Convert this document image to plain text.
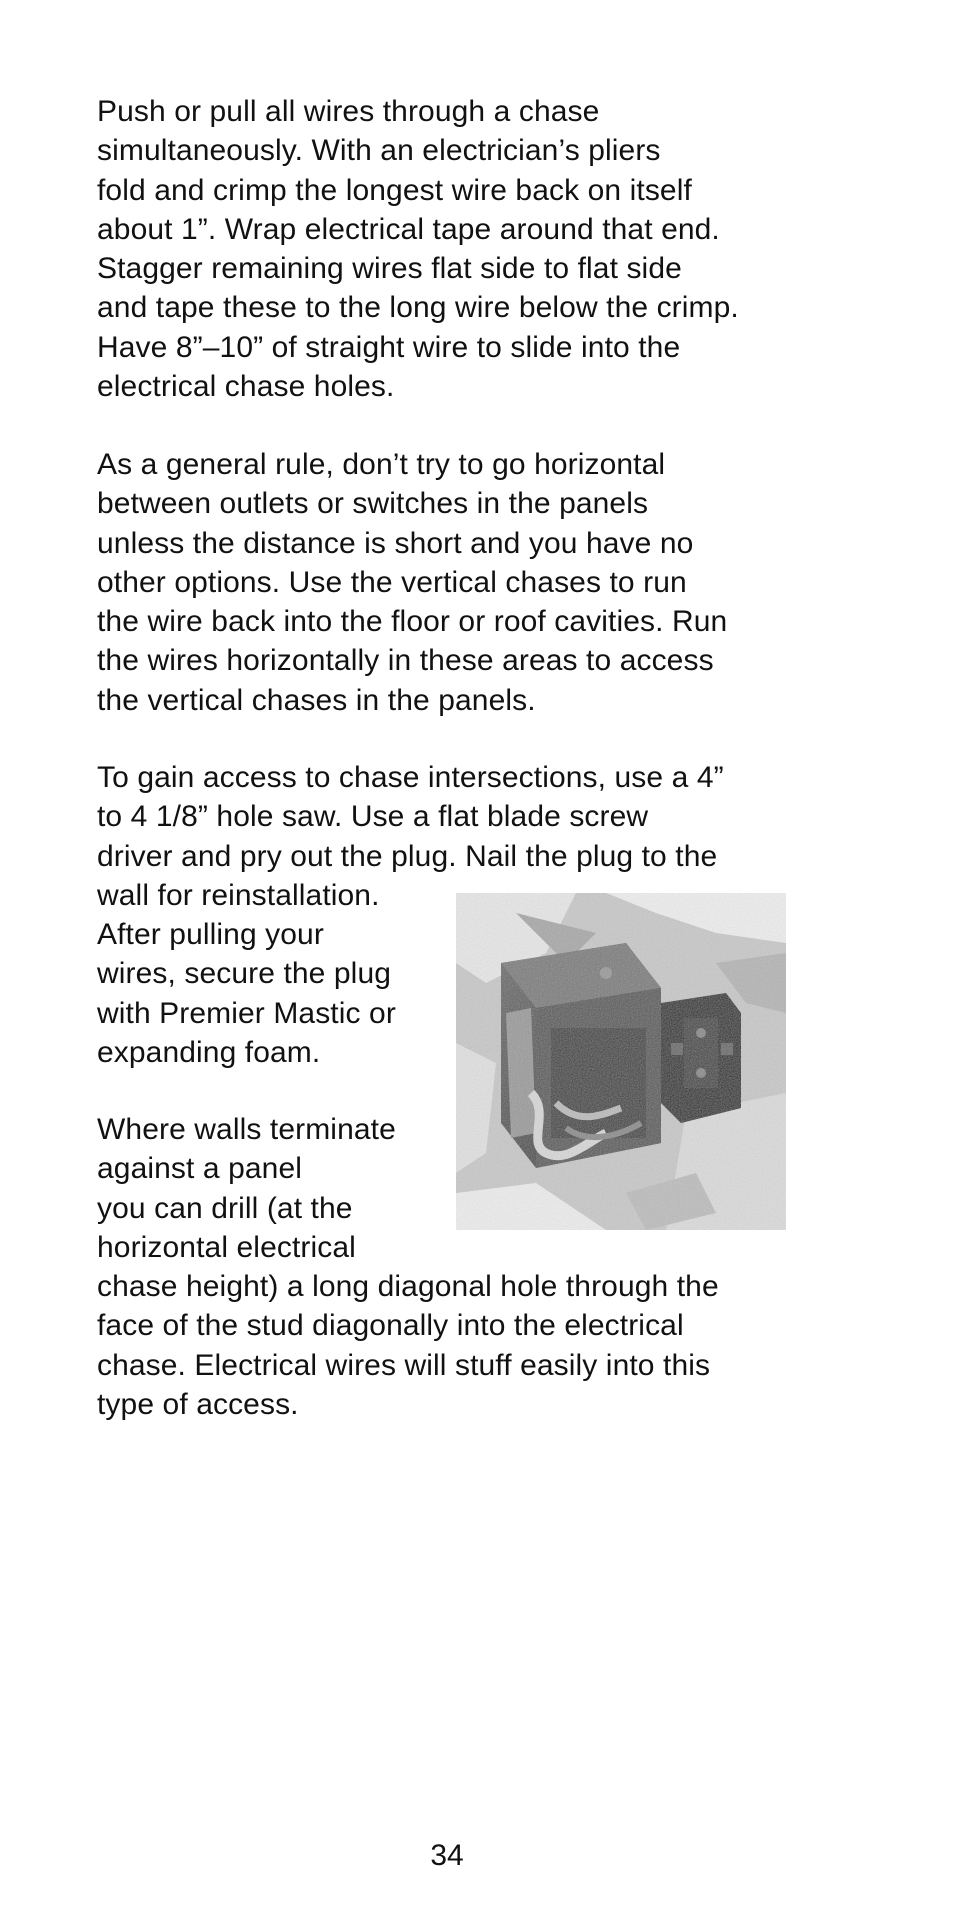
Push or pull all wires through a chase
simultaneously. With an electrician’s pliers
fold and crimp the longest wire back on itself
about 1”. Wrap electrical tape around that end.
Stagger remaining wires flat side to flat side
and tape these to the long wire below the crimp.
Have 8”–10” of straight wire to slide into the
electrical chase holes.
As a general rule, don’t try to go horizontal
between outlets or switches in the panels
unless the distance is short and you have no
other options. Use the vertical chases to run
the wire back into the floor or roof cavities. Run
the wires horizontally in these areas to access
the vertical chases in the panels.
To gain access to chase intersections, use a 4”
to 4 1/8” hole saw. Use a flat blade screw
driver and pry out the plug. Nail the plug to the
wall for reinstallation.
After pulling your
wires, secure the plug
with Premier Mastic or
expanding foam.
Where walls terminate
against a panel
you can drill (at the
horizontal electrical
chase height) a long diagonal hole through the
face of the stud diagonally into the electrical
chase. Electrical wires will stuff easily into this
type of access.
34
